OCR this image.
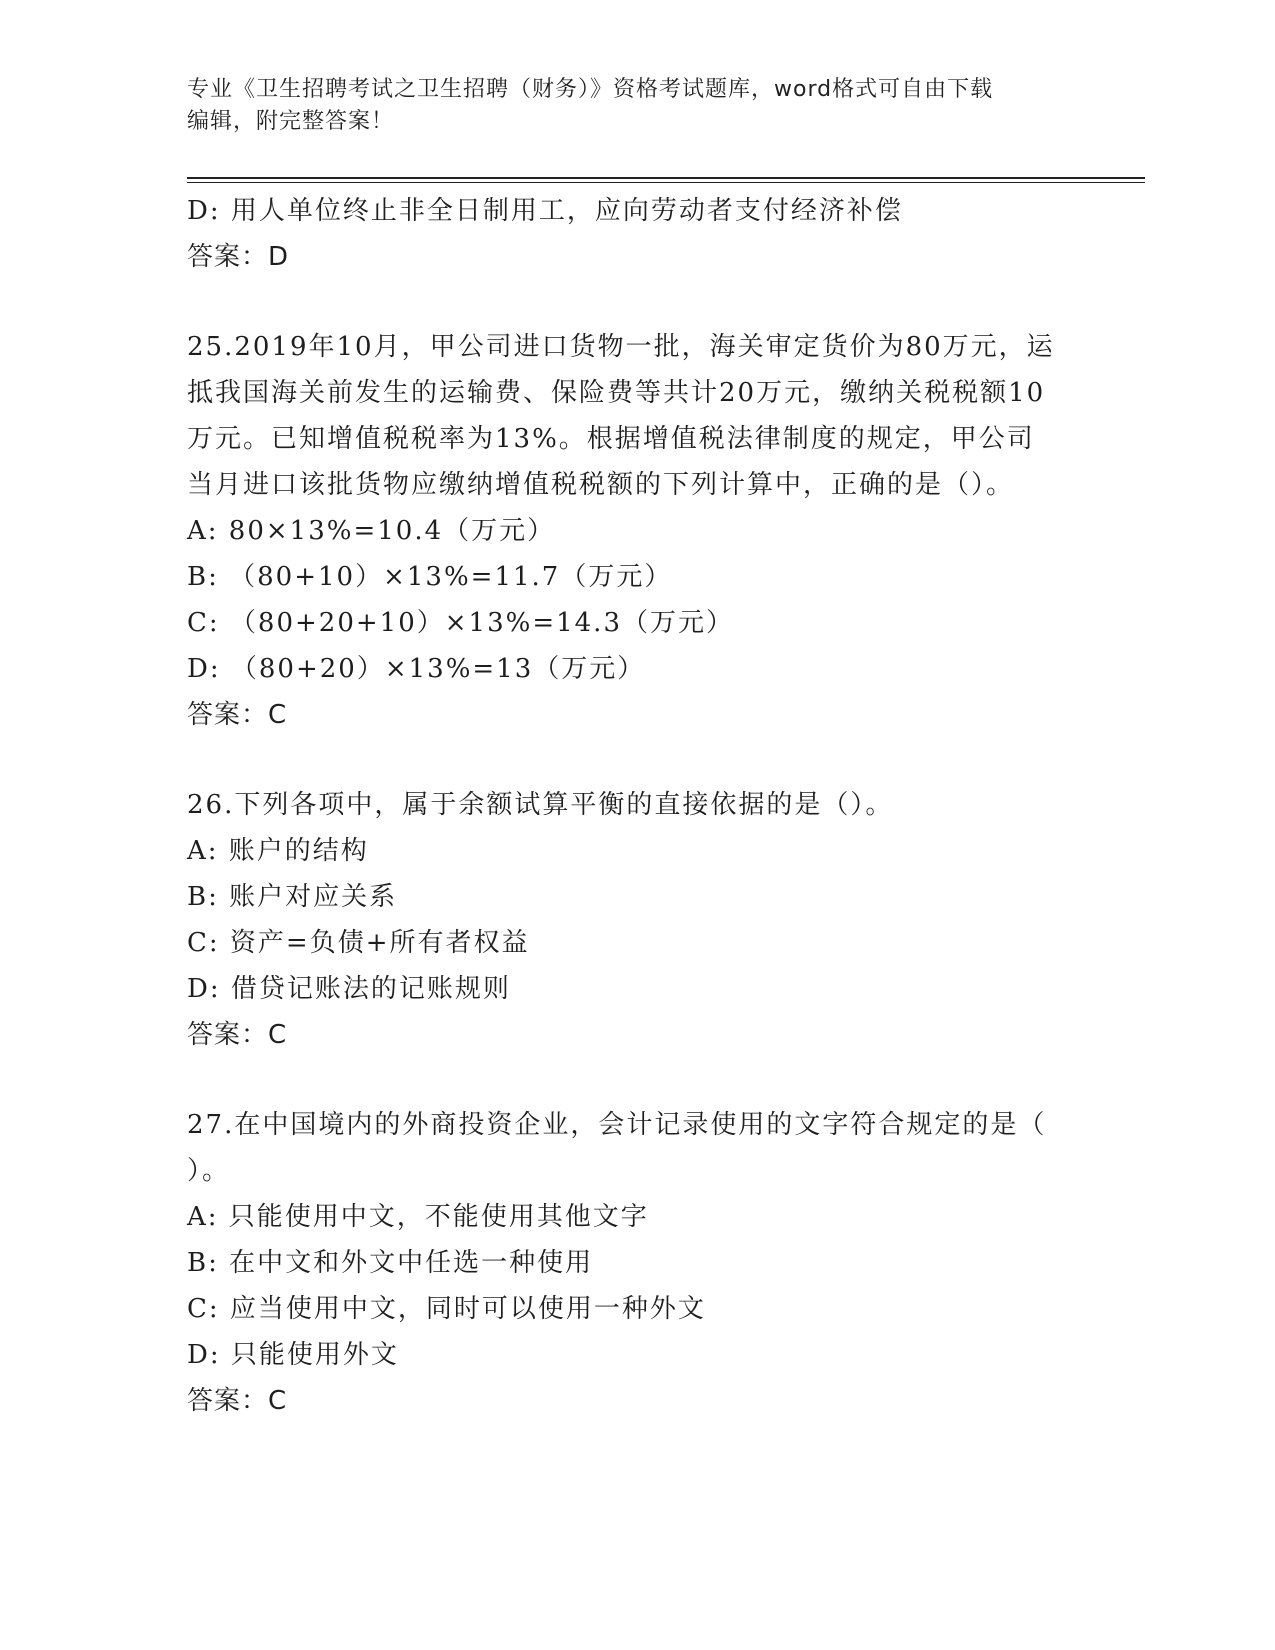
专业《卫生招聘考试之卫生招聘（财务）》资格考试题库，word格式可自由下载
编辑，附完整答案！
D: 用人单位终止非全日制用工，应向劳动者支付经济补偿
答案：D
25.2019年10月，甲公司进口货物一批，海关审定货价为80万元，运
抵我国海关前发生的运输费、保险费等共计20万元，缴纳关税税额10
万元。已知增值税税率为13%。根据增值税法律制度的规定，甲公司
当月进口该批货物应缴纳增值税税额的下列计算中，正确的是（）。
A: 80×13%=10.4（万元）
B: （80+10）×13%=11.7（万元）
C: （80+20+10）×13%=14.3（万元）
D: （80+20）×13%=13（万元）
答案：C
26.下列各项中，属于余额试算平衡的直接依据的是（）。
A: 账户的结构
B: 账户对应关系
C: 资产=负债+所有者权益
D: 借贷记账法的记账规则
答案：C
27.在中国境内的外商投资企业，会计记录使用的文字符合规定的是（
）。
A: 只能使用中文，不能使用其他文字
B: 在中文和外文中任选一种使用
C: 应当使用中文，同时可以使用一种外文
D: 只能使用外文
答案：C
